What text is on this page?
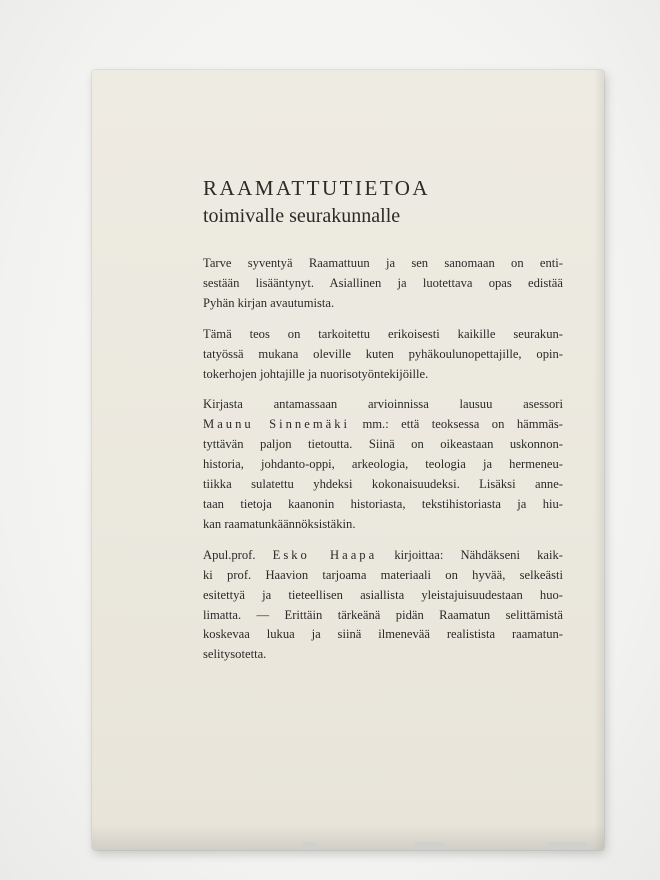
RAAMATTUTIETOA
toimivalle seurakunnalle

Tarve syventyä Raamattuun ja sen sanomaan on enti-
sestään lisääntynyt. Asiallinen ja luotettava opas edistää
Pyhän kirjan avautumista.

Tämä teos on tarkoitettu erikoisesti kaikille seurakun-
tatyössä mukana oleville kuten pyhäkoulunopettajille, opin-
tokerhojen johtajille ja nuorisotyöntekijöille.

Kirjasta antamassaan arvioinnissa lausuu asessori
Maunu Sinnemäki mm.: että teoksessa on hämmäs-
tyttävän paljon tietoutta. Siinä on oikeastaan uskonnon-
historia, johdanto-oppi, arkeologia, teologia ja hermeneu-
tiikka sulatettu yhdeksi kokonaisuudeksi. Lisäksi anne-
taan tietoja kaanonin historiasta, tekstihistoriasta ja hiu-
kan raamatunkäännöksistäkin.

Apul.prof. Esko Haapa kirjoittaa: Nähdäkseni kaik-
ki prof. Haavion tarjoama materiaali on hyvää, selkeästi
esitettyä ja tieteellisen asiallista yleistajuisuudestaan huo-
limatta. — Erittäin tärkeänä pidän Raamatun selittämistä
koskevaa lukua ja siinä ilmenevää realistista raamatun-
selitysotetta.
